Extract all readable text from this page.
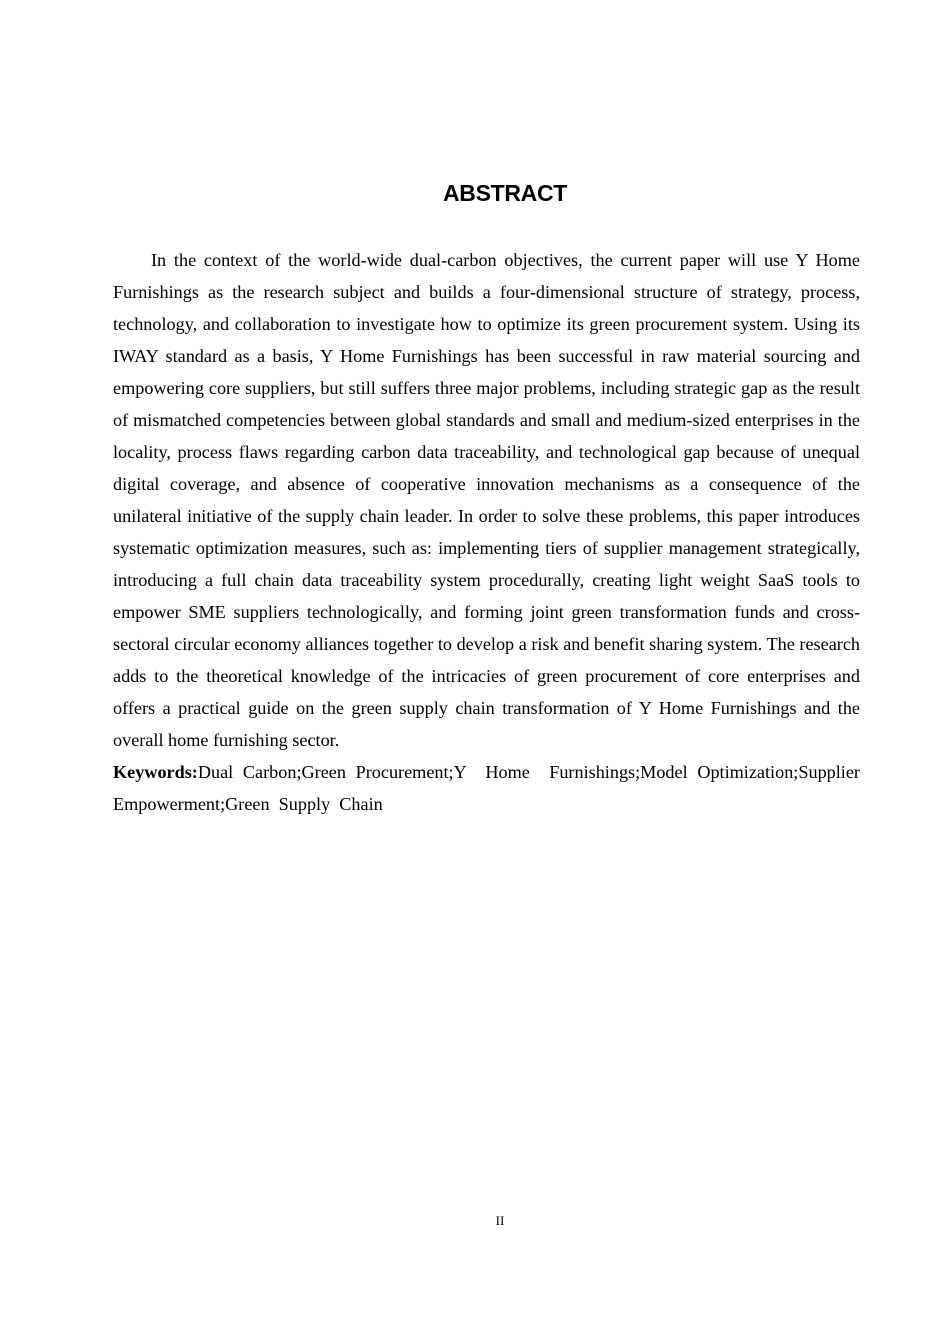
ABSTRACT

In the context of the world-wide dual-carbon objectives, the current paper will use Y Home Furnishings as the research subject and builds a four-dimensional structure of strategy, process, technology, and collaboration to investigate how to optimize its green procurement system. Using its IWAY standard as a basis, Y Home Furnishings has been successful in raw material sourcing and empowering core suppliers, but still suffers three major problems, including strategic gap as the result of mismatched competencies between global standards and small and medium-sized enterprises in the locality, process flaws regarding carbon data traceability, and technological gap because of unequal digital coverage, and absence of cooperative innovation mechanisms as a consequence of the unilateral initiative of the supply chain leader. In order to solve these problems, this paper introduces systematic optimization measures, such as: implementing tiers of supplier management strategically, introducing a full chain data traceability system procedurally, creating light weight SaaS tools to empower SME suppliers technologically, and forming joint green transformation funds and cross-sectoral circular economy alliances together to develop a risk and benefit sharing system. The research adds to the theoretical knowledge of the intricacies of green procurement of core enterprises and offers a practical guide on the green supply chain transformation of Y Home Furnishings and the overall home furnishing sector.

Keywords:Dual Carbon;Green Procurement;Y  Home  Furnishings;Model Optimization;Supplier Empowerment;Green  Supply  Chain

II
